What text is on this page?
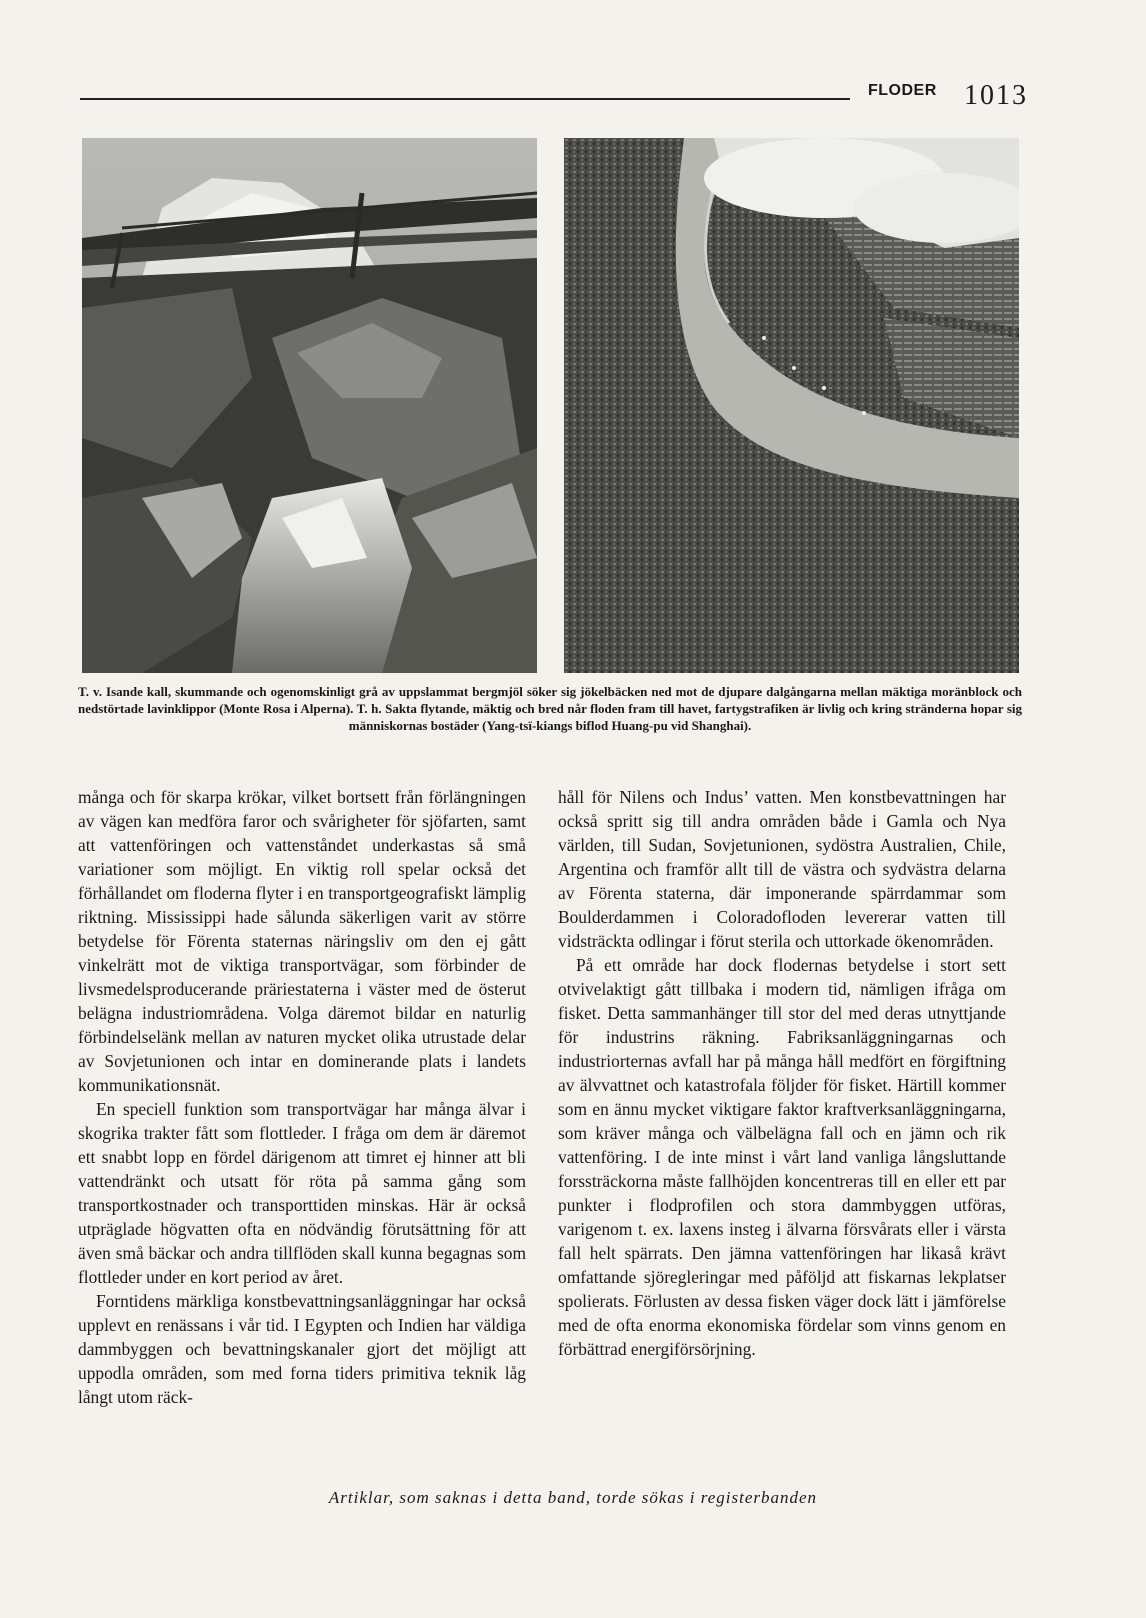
FLODER 1013
T. v. Isande kall, skummande och ogenomskinligt grå av uppslammat bergmjöl söker sig jökelbäcken ned mot de djupare dalgångarna mellan mäktiga moränblock och nedstörtade lavinklippor (Monte Rosa i Alperna). T. h. Sakta flytande, mäktig och bred når floden fram till havet, fartygstrafiken är livlig och kring stränderna hopar sig människornas bostäder (Yang-tsï-kiangs biflod Huang-pu vid Shanghai).

många och för skarpa krökar, vilket bortsett från förlängningen av vägen kan medföra faror och svårigheter för sjöfarten, samt att vattenföringen och vattenståndet underkastas så små variationer som möjligt. En viktig roll spelar också det förhållandet om floderna flyter i en transportgeografiskt lämplig riktning. Mississippi hade sålunda säkerligen varit av större betydelse för Förenta staternas näringsliv om den ej gått vinkelrätt mot de viktiga transportvägar, som förbinder de livsmedelsproducerande präriestaterna i väster med de österut belägna industriområdena. Volga däremot bildar en naturlig förbindelselänk mellan av naturen mycket olika utrustade delar av Sovjetunionen och intar en dominerande plats i landets kommunikationsnät.

En speciell funktion som transportvägar har många älvar i skogrika trakter fått som flottleder. I fråga om dem är däremot ett snabbt lopp en fördel därigenom att timret ej hinner att bli vattendränkt och utsatt för röta på samma gång som transportkostnader och transporttiden minskas. Här är också utpräglade högvatten ofta en nödvändig förutsättning för att även små bäckar och andra tillflöden skall kunna begagnas som flottleder under en kort period av året.

Forntidens märkliga konstbevattningsanläggningar har också upplevt en renässans i vår tid. I Egypten och Indien har väldiga dammbyggen och bevattningskanaler gjort det möjligt att uppodla områden, som med forna tiders primitiva teknik låg långt utom räck-

håll för Nilens och Indus’ vatten. Men konstbevattningen har också spritt sig till andra områden både i Gamla och Nya världen, till Sudan, Sovjetunionen, sydöstra Australien, Chile, Argentina och framför allt till de västra och sydvästra delarna av Förenta staterna, där imponerande spärrdammar som Boulderdammen i Coloradofloden levererar vatten till vidsträckta odlingar i förut sterila och uttorkade ökenområden.

På ett område har dock flodernas betydelse i stort sett otvivelaktigt gått tillbaka i modern tid, nämligen ifråga om fisket. Detta sammanhänger till stor del med deras utnyttjande för industrins räkning. Fabriksanläggningarnas och industriorternas avfall har på många håll medfört en förgiftning av älvvattnet och katastrofala följder för fisket. Härtill kommer som en ännu mycket viktigare faktor kraftverksanläggningarna, som kräver många och välbelägna fall och en jämn och rik vattenföring. I de inte minst i vårt land vanliga långsluttande forssträckorna måste fallhöjden koncentreras till en eller ett par punkter i flodprofilen och stora dammbyggen utföras, varigenom t. ex. laxens insteg i älvarna försvårats eller i värsta fall helt spärrats. Den jämna vattenföringen har likaså krävt omfattande sjöregleringar med påföljd att fiskarnas lekplatser spolierats. Förlusten av dessa fisken väger dock lätt i jämförelse med de ofta enorma ekonomiska fördelar som vinns genom en förbättrad energiförsörjning.

Artiklar, som saknas i detta band, torde sökas i registerbanden
